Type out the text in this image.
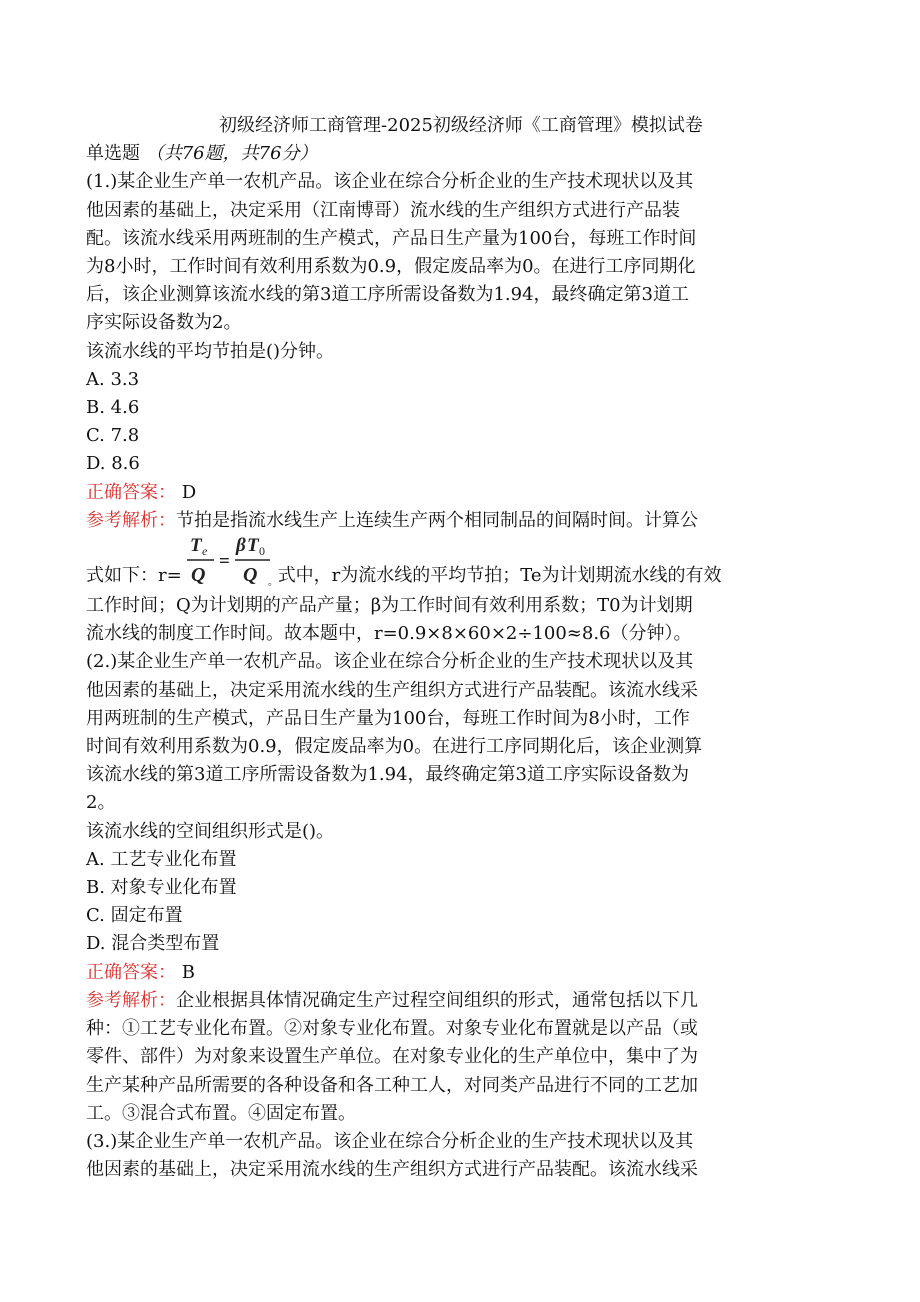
初级经济师工商管理-2025初级经济师《工商管理》模拟试卷
单选题 （共76题，共76分）
(1.)某企业生产单一农机产品。该企业在综合分析企业的生产技术现状以及其
他因素的基础上，决定采用（江南博哥）流水线的生产组织方式进行产品装
配。该流水线采用两班制的生产模式，产品日生产量为100台，每班工作时间
为8小时，工作时间有效利用系数为0.9，假定废品率为0。在进行工序同期化
后，该企业测算该流水线的第3道工序所需设备数为1.94，最终确定第3道工
序实际设备数为2。
该流水线的平均节拍是()分钟。
A. 3.3
B. 4.6
C. 7.8
D. 8.6
正确答案： D
参考解析：节拍是指流水线生产上连续生产两个相同制品的间隔时间。计算公
式如下：r=
T e
Q
=
β T 0
Q 。 式中，r为流水线的平均节拍；Te为计划期流水线的有效
工作时间；Q为计划期的产品产量；β为工作时间有效利用系数；T0为计划期
流水线的制度工作时间。故本题中，r=0.9×8×60×2÷100≈8.6（分钟）。
(2.)某企业生产单一农机产品。该企业在综合分析企业的生产技术现状以及其
他因素的基础上，决定采用流水线的生产组织方式进行产品装配。该流水线采
用两班制的生产模式，产品日生产量为100台，每班工作时间为8小时，工作
时间有效利用系数为0.9，假定废品率为0。在进行工序同期化后，该企业测算
该流水线的第3道工序所需设备数为1.94，最终确定第3道工序实际设备数为
2。
该流水线的空间组织形式是()。
A. 工艺专业化布置
B. 对象专业化布置
C. 固定布置
D. 混合类型布置
正确答案： B
参考解析：企业根据具体情况确定生产过程空间组织的形式，通常包括以下几
种：①工艺专业化布置。②对象专业化布置。对象专业化布置就是以产品（或
零件、部件）为对象来设置生产单位。在对象专业化的生产单位中，集中了为
生产某种产品所需要的各种设备和各工种工人，对同类产品进行不同的工艺加
工。③混合式布置。④固定布置。
(3.)某企业生产单一农机产品。该企业在综合分析企业的生产技术现状以及其
他因素的基础上，决定采用流水线的生产组织方式进行产品装配。该流水线采
